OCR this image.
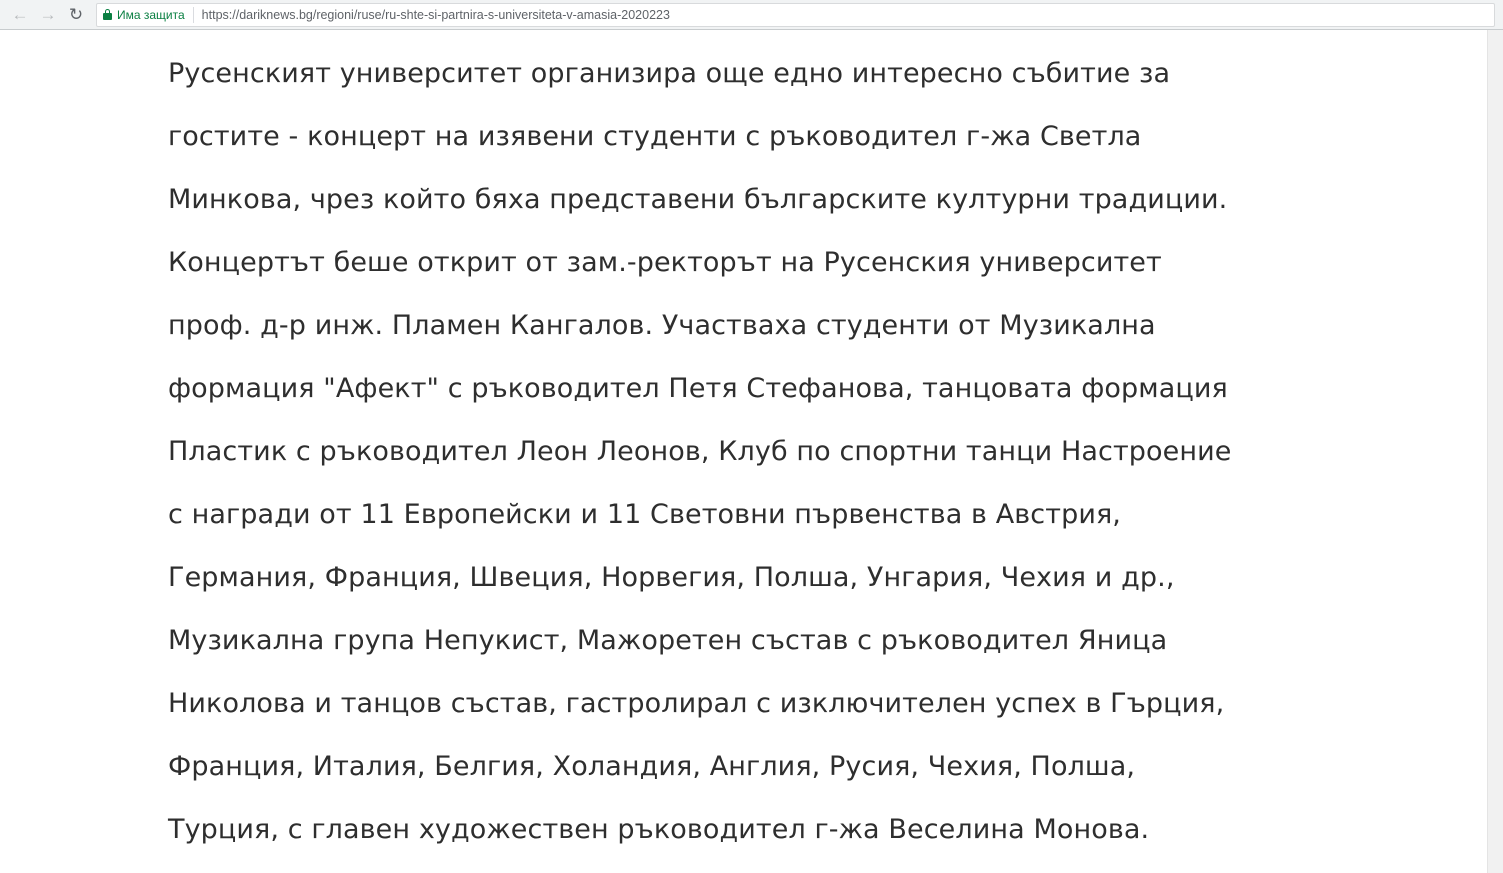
← → ↻	Има защита https://dariknews.bg/regioni/ruse/ru-shte-si-partnira-s-universiteta-v-amasia-2020223
Русенският университет организира още едно интересно събитие за гостите - концерт на изявени студенти с ръководител г-жа Светла Минкова, чрез който бяха представени българските културни традиции. Концертът беше открит от зам.-ректорът на Русенския университет проф. д-р инж. Пламен Кангалов. Участваха студенти от Музикална формация "Афект" с ръководител Петя Стефанова, танцовата формация Пластик с ръководител Леон Леонов, Клуб по спортни танци Настроение с награди от 11 Европейски и 11 Световни първенства в Австрия, Германия, Франция, Швеция, Норвегия, Полша, Унгария, Чехия и др., Музикална група Непукист, Мажоретен състав с ръководител Яница Николова и танцов състав, гастролирал с изключителен успех в Гърция, Франция, Италия, Белгия, Холандия, Англия, Русия, Чехия, Полша, Турция, с главен художествен ръководител г-жа Веселина Монова.
